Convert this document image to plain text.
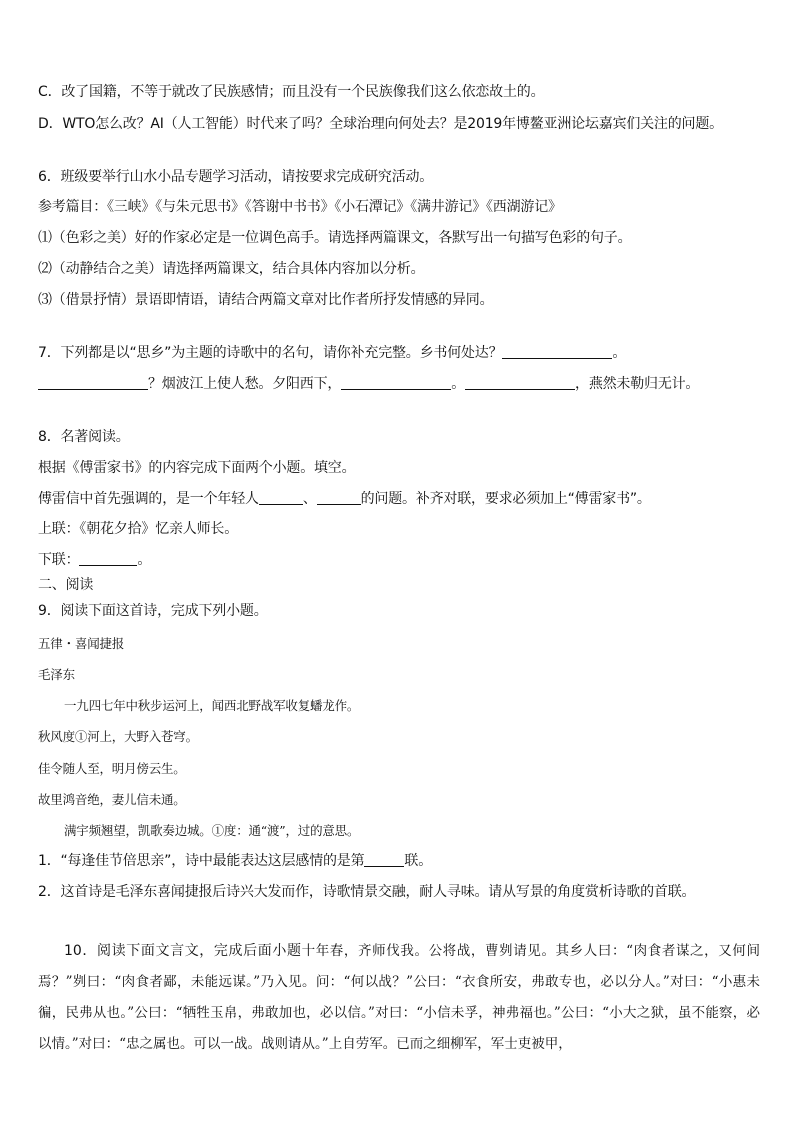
C．改了国籍，不等于就改了民族感情；而且没有一个民族像我们这么依恋故土的。
D．WTO怎么改？AI（人工智能）时代来了吗？全球治理向何处去？是2019年博鳌亚洲论坛嘉宾们关注的问题。
6．班级要举行山水小品专题学习活动，请按要求完成研究活动。
参考篇目：《三峡》《与朱元思书》《答谢中书书》《小石潭记》《满井游记》《西湖游记》
⑴（色彩之美）好的作家必定是一位调色高手。请选择两篇课文，各默写出一句描写色彩的句子。
⑵（动静结合之美）请选择两篇课文，结合具体内容加以分析。
⑶（借景抒情）景语即情语，请结合两篇文章对比作者所抒发情感的异同。
7．下列都是以“思乡”为主题的诗歌中的名句，请你补充完整。乡书何处达？	。
？烟波江上使人愁。夕阳西下，	。	，燕然未勒归无计。
8．名著阅读。
根据《傅雷家书》的内容完成下面两个小题。填空。
傅雷信中首先强调的，是一个年轻人	、	的问题。补齐对联，要求必须加上“傅雷家书”。
上联：《朝花夕拾》忆亲人师长。
下联：	。
二、阅读
9．阅读下面这首诗，完成下列小题。
五律・喜闻捷报
毛泽东
一九四七年中秋步运河上，闻西北野战军收复蟠龙作。
秋风度①河上，大野入苍穹。
佳令随人至，明月傍云生。
故里鸿音绝，妻儿信未通。
满宇频翘望，凯歌奏边城。①度：通“渡”，过的意思。
1．“每逢佳节倍思亲”，诗中最能表达这层感情的是第	联。
2．这首诗是毛泽东喜闻捷报后诗兴大发而作，诗歌情景交融，耐人寻味。请从写景的角度赏析诗歌的首联。
10．阅读下面文言文，完成后面小题十年春，齐师伐我。公将战，曹刿请见。其乡人曰：“肉食者谋之，又何间焉？”刿曰：“肉食者鄙，未能远谋。”乃入见。问：“何以战？”公曰：“衣食所安，弗敢专也，必以分人。”对曰：“小惠未徧，民弗从也。”公曰：“牺牲玉帛，弗敢加也，必以信。”对曰：“小信未孚，神弗福也。”公曰：“小大之狱，虽不能察，必以情。”对曰：“忠之属也。可以一战。战则请从。”上自劳军。已而之细柳军，军士吏被甲，
